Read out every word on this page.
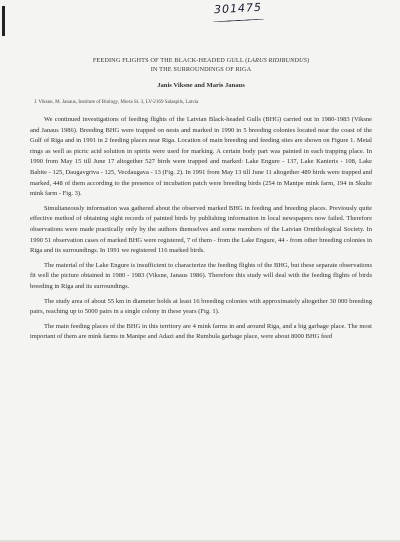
301475
FEEDING FLIGHTS OF THE BLACK-HEADED GULL (LARUS RIDIBUNDUS)
IN THE SURROUNDINGS OF RIGA
Janis Viksne and Maris Janaus
J. Viksne, M. Janaus, Institute of Biology, Miera St. 3, LV-2169 Salaspils, Latvia

We continued investigations of feeding flights of the Latvian Black-headed Gulls (BHG) carried out in 1980-1983 (Viksne and Janaus 1986). Breeding BHG were trapped on nests and marked in 1990 in 5 breeding colonies located near the coast of the Gulf of Riga and in 1991 in 2 feeding places near Riga. Location of main breeding and feeding sites are shown on Figure 1. Metal rings as well as picric acid solution in spirits were used for marking. A certain body part was painted in each trapping place. In 1990 from May 15 till June 17 altogether 527 birds were trapped and marked: Lake Engure - 137, Lake Kanieris - 108, Lake Babite - 125, Daugavgriva - 125, Vecdaugava - 13 (Fig. 2). In 1991 from May 13 till June 11 altogether 489 birds were trapped and marked, 448 of them according to the presence of incubation patch were breeding birds (254 in Manipe mink farm, 194 in Skulte mink farm - Fig. 3).

Simultaneously information was gathered about the observed marked BHG in feeding and breeding places. Previously quite effective method of obtaining sight records of painted birds by publishing information in local newspapers now failed. Therefore observations were made practically only by the authors themselves and some members of the Latvian Ornithological Society. In 1990 51 observation cases of marked BHG were registered, 7 of them - from the Lake Engure, 44 - from other breeding colonies in Riga and its surroundings. In 1991 we registered 116 marked birds.

The material of the Lake Engure is insufficient to characterize the feeding flights of the BHG, but these separate observations fit well the picture obtained in 1980 - 1983 (Viksne, Janaus 1986). Therefore this study will deal with the feeding flights of birds breeding in Riga and its surroundings.

The study area of about 55 km in diameter holds at least 16 breeding colonies with approximately altogether 30 000 breeding pairs, reaching up to 5000 pairs in a single colony in these years (Fig. 1).

The main feeding places of the BHG in this territory are 4 mink farms in and around Riga, and a big garbage place. The most important of them are mink farms in Manipe and Adazi and the Rumbula garbage place, were about 8000 BHG feed
